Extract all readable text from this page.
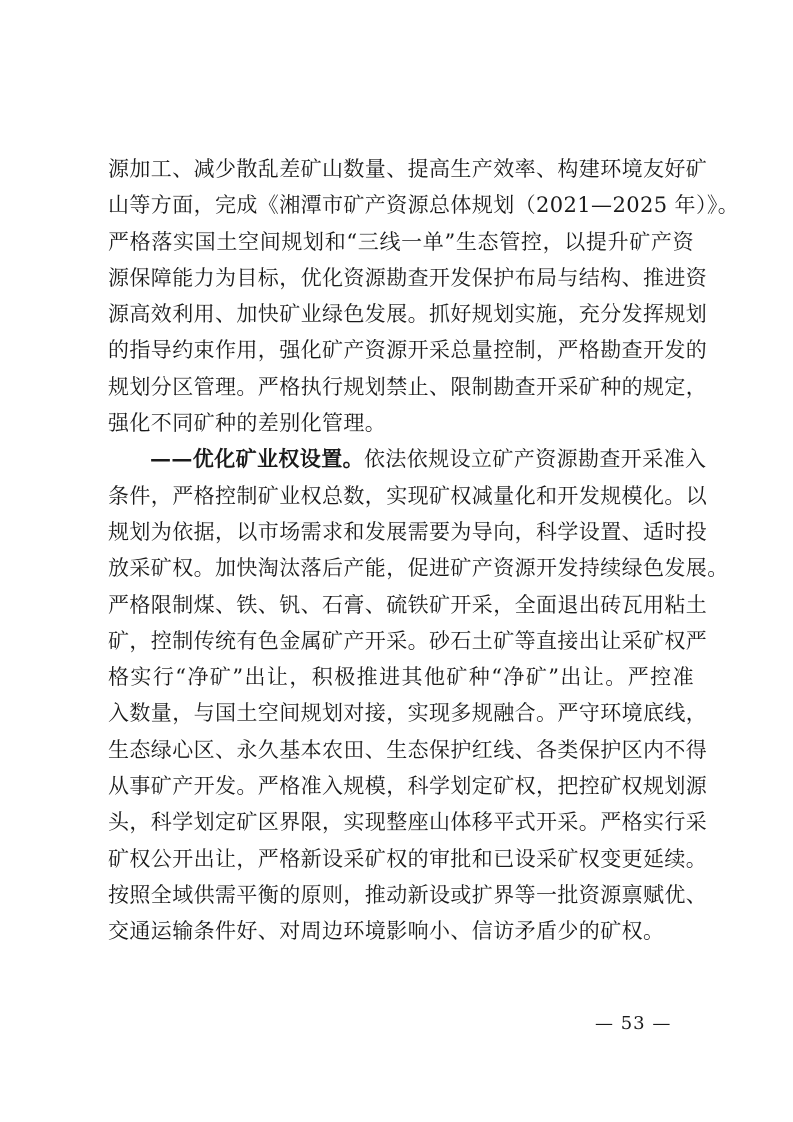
源加工、减少散乱差矿山数量、提高生产效率、构建环境友好矿
山等方面，完成《湘潭市矿产资源总体规划（2021—2025 年）》。
严格落实国土空间规划和“三线一单”生态管控，以提升矿产资
源保障能力为目标，优化资源勘查开发保护布局与结构、推进资
源高效利用、加快矿业绿色发展。抓好规划实施，充分发挥规划
的指导约束作用，强化矿产资源开采总量控制，严格勘查开发的
规划分区管理。严格执行规划禁止、限制勘查开采矿种的规定，
强化不同矿种的差别化管理。
——优化矿业权设置。依法依规设立矿产资源勘查开采准入
条件，严格控制矿业权总数，实现矿权减量化和开发规模化。以
规划为依据，以市场需求和发展需要为导向，科学设置、适时投
放采矿权。加快淘汰落后产能，促进矿产资源开发持续绿色发展。
严格限制煤、铁、钒、石膏、硫铁矿开采，全面退出砖瓦用粘土
矿，控制传统有色金属矿产开采。砂石土矿等直接出让采矿权严
格实行“净矿”出让，积极推进其他矿种“净矿”出让。严控准
入数量，与国土空间规划对接，实现多规融合。严守环境底线，
生态绿心区、永久基本农田、生态保护红线、各类保护区内不得
从事矿产开发。严格准入规模，科学划定矿权，把控矿权规划源
头，科学划定矿区界限，实现整座山体移平式开采。严格实行采
矿权公开出让，严格新设采矿权的审批和已设采矿权变更延续。
按照全域供需平衡的原则，推动新设或扩界等一批资源禀赋优、
交通运输条件好、对周边环境影响小、信访矛盾少的矿权。
— 53 —
